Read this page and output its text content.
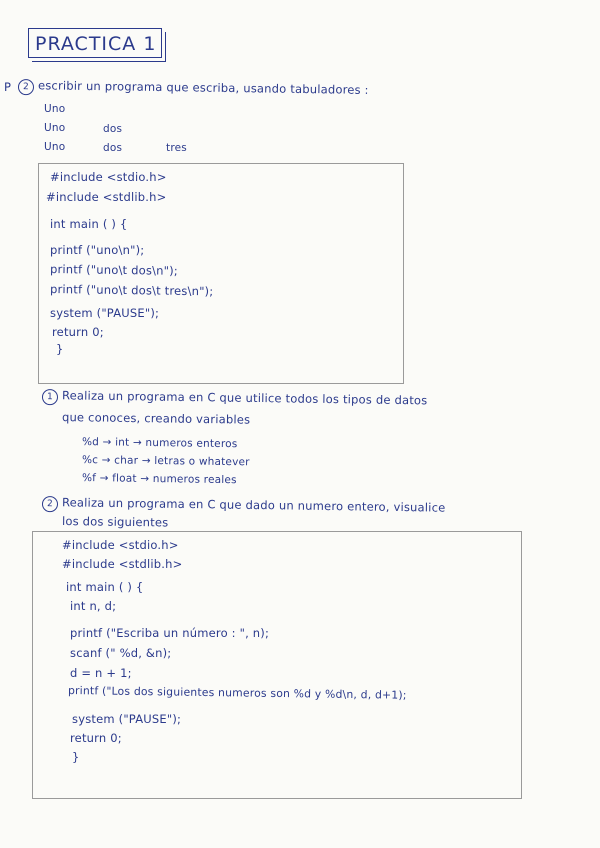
PRACTICA 1
P	2 escribir un programa que escriba, usando tabuladores :
Uno
Uno	dos
Uno	dos	tres
#include <stdio.h>
#include <stdlib.h>
int main ( ) {
printf ("uno\n");
printf ("uno\t dos\n");
printf ("uno\t dos\t tres\n");
system ("PAUSE");
return 0;
}
1 Realiza un programa en C que utilice todos los tipos de datos
que conoces, creando variables
%d → int → numeros enteros
%c → char → letras o whatever
%f → float → numeros reales
2 Realiza un programa en C que dado un numero entero, visualice
los dos siguientes
#include <stdio.h>
#include <stdlib.h>
int main ( ) {
int n, d;
printf ("Escriba un número : ", n);
scanf (" %d, &n);
d = n + 1;
printf ("Los dos siguientes numeros son %d y %d\n, d, d+1);
system ("PAUSE");
return 0;
}
